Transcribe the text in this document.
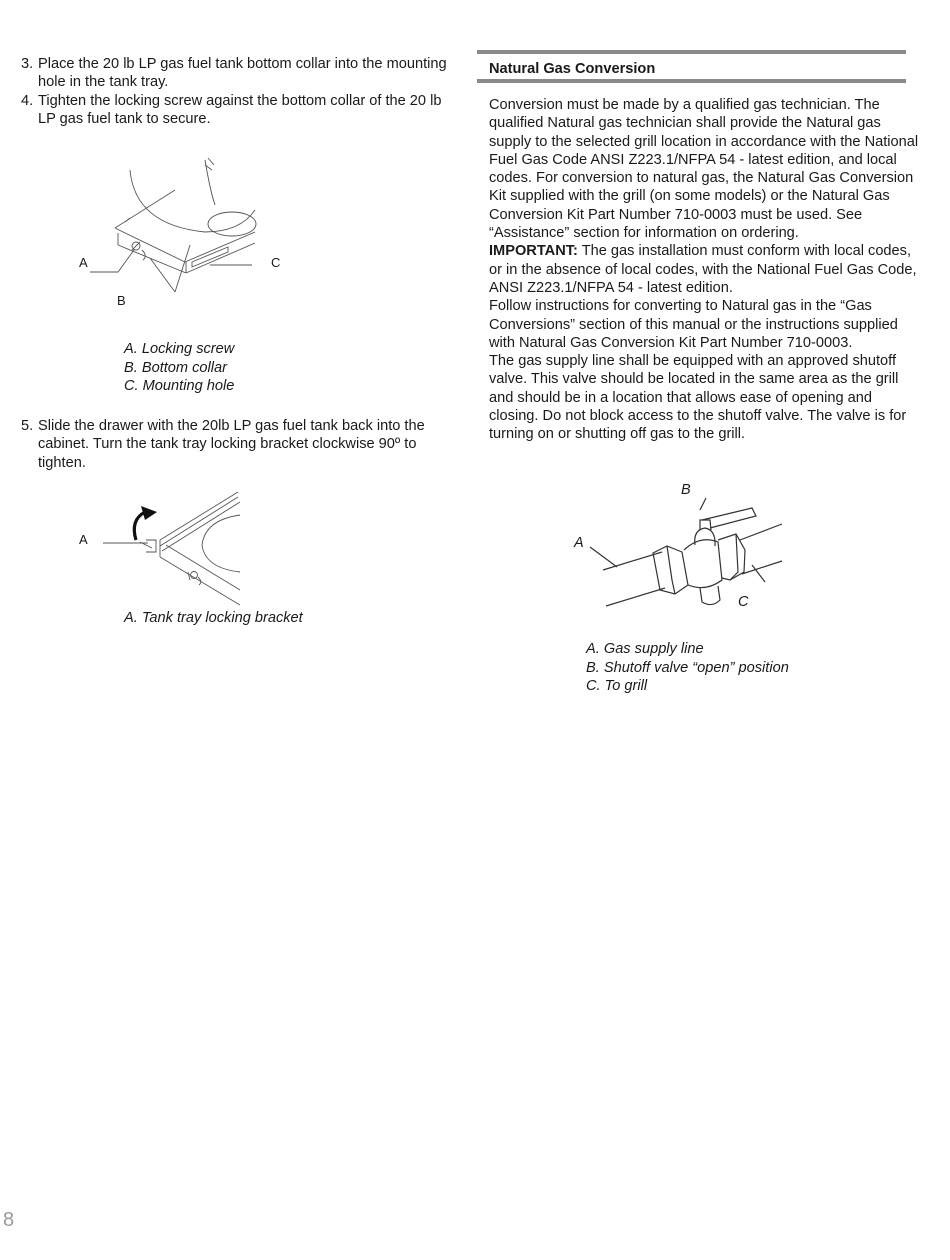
3. Place the 20 lb LP gas fuel tank bottom collar into the mounting hole in the tank tray.
4. Tighten the locking screw against the bottom collar of the 20 lb LP gas fuel tank to secure.
A	C
B
A. Locking screw
B. Bottom collar
C. Mounting hole
5. Slide the drawer with the 20lb LP gas fuel tank back into the cabinet. Turn the tank tray locking bracket clockwise 90º to tighten.
A
A. Tank tray locking bracket
Natural Gas Conversion

Conversion must be made by a qualified gas technician. The qualified Natural gas technician shall provide the Natural gas supply to the selected grill location in accordance with the National Fuel Gas Code ANSI Z223.1/NFPA 54 - latest edition, and local codes. For conversion to natural gas, the Natural Gas Conversion Kit supplied with the grill (on some models) or the Natural Gas Conversion Kit Part Number 710-0003 must be used. See “Assistance” section for information on ordering.

IMPORTANT: The gas installation must conform with local codes, or in the absence of local codes, with the National Fuel Gas Code, ANSI Z223.1/NFPA 54 - latest edition.

Follow instructions for converting to Natural gas in the “Gas Conversions” section of this manual or the instructions supplied with Natural Gas Conversion Kit Part Number 710-0003.

The gas supply line shall be equipped with an approved shutoff valve. This valve should be located in the same area as the grill and should be in a location that allows ease of opening and closing. Do not block access to the shutoff valve. The valve is for turning on or shutting off gas to the grill.

A
B
C
A. Gas supply line
B. Shutoff valve “open” position
C. To grill
8
